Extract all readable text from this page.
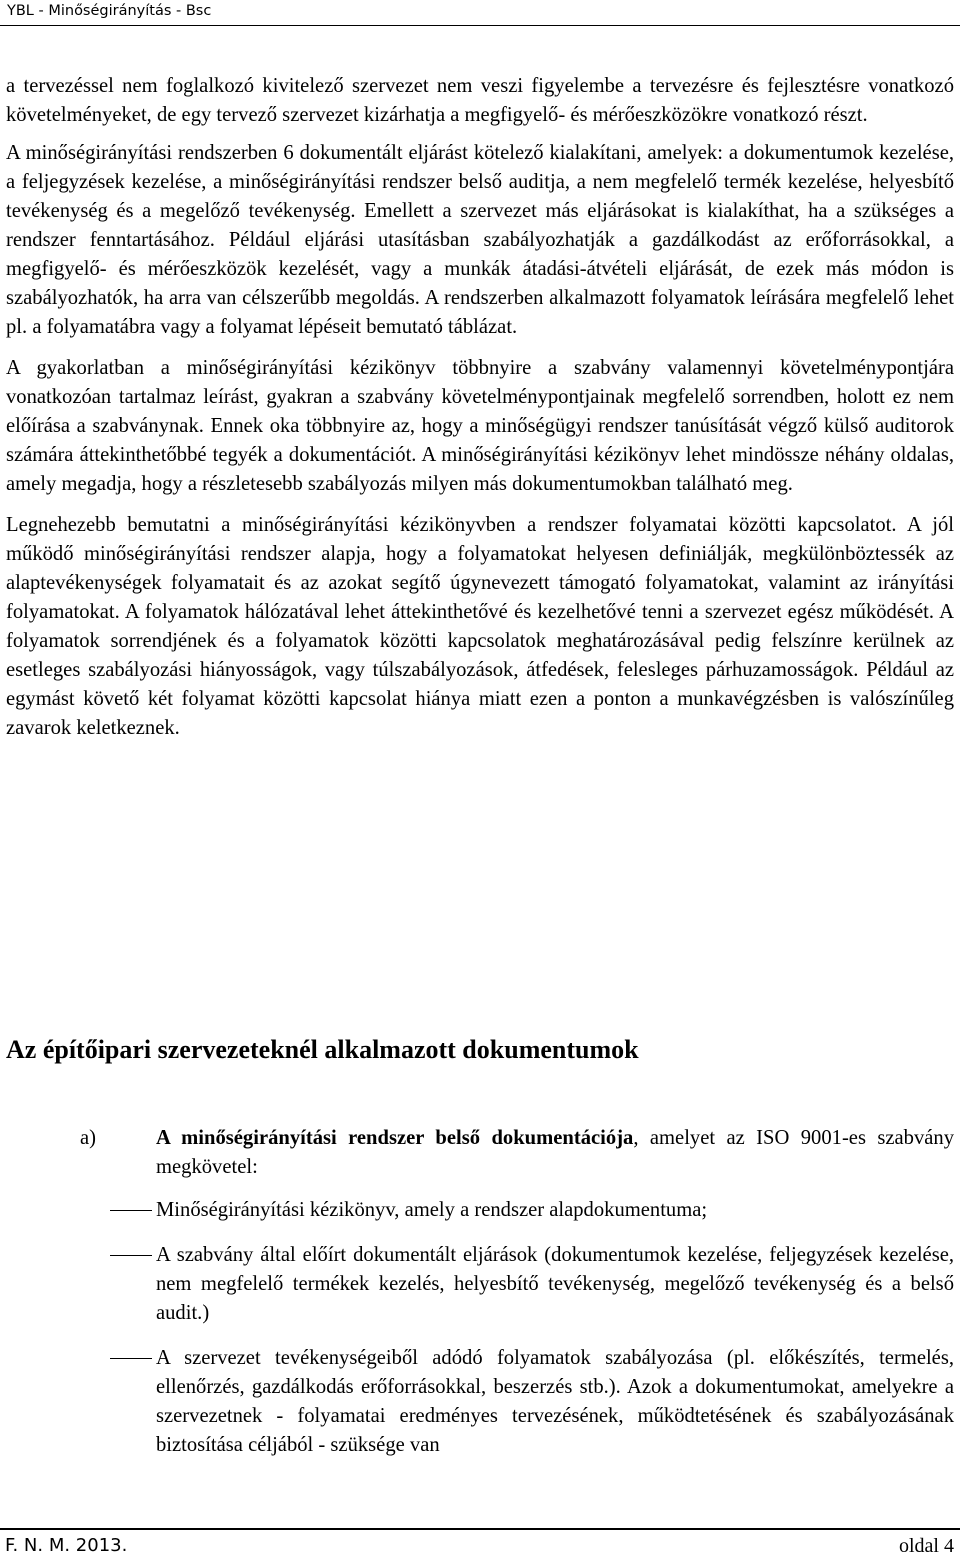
YBL - Minőségirányítás - Bsc

a tervezéssel nem foglalkozó kivitelező szervezet nem veszi figyelembe a tervezésre és fejlesztésre vonatkozó követelményeket, de egy tervező szervezet kizárhatja a megfigyelő- és mérőeszközökre vonatkozó részt.

A minőségirányítási rendszerben 6 dokumentált eljárást kötelező kialakítani, amelyek: a dokumentumok kezelése, a feljegyzések kezelése, a minőségirányítási rendszer belső auditja, a nem megfelelő termék kezelése, helyesbítő tevékenység és a megelőző tevékenység. Emellett a szervezet más eljárásokat is kialakíthat, ha a szükséges a rendszer fenntartásához. Például eljárási utasításban szabályozhatják a gazdálkodást az erőforrásokkal, a megfigyelő- és mérőeszközök kezelését, vagy a munkák átadási-átvételi eljárását, de ezek más módon is szabályozhatók, ha arra van célszerűbb megoldás. A rendszerben alkalmazott folyamatok leírására megfelelő lehet pl. a folyamatábra vagy a folyamat lépéseit bemutató táblázat.

A gyakorlatban a minőségirányítási kézikönyv többnyire a szabvány valamennyi követelménypontjára vonatkozóan tartalmaz leírást, gyakran a szabvány követelménypontjainak megfelelő sorrendben, holott ez nem előírása a szabványnak. Ennek oka többnyire az, hogy a minőségügyi rendszer tanúsítását végző külső auditorok számára áttekinthetőbbé tegyék a dokumentációt. A minőségirányítási kézikönyv lehet mindössze néhány oldalas, amely megadja, hogy a részletesebb szabályozás milyen más dokumentumokban található meg.

Legnehezebb bemutatni a minőségirányítási kézikönyvben a rendszer folyamatai közötti kapcsolatot. A jól működő minőségirányítási rendszer alapja, hogy a folyamatokat helyesen definiálják, megkülönböztessék az alaptevékenységek folyamatait és az azokat segítő úgynevezett támogató folyamatokat, valamint az irányítási folyamatokat. A folyamatok hálózatával lehet áttekinthetővé és kezelhetővé tenni a szervezet egész működését. A folyamatok sorrendjének és a folyamatok közötti kapcsolatok meghatározásával pedig felszínre kerülnek az esetleges szabályozási hiányosságok, vagy túlszabályozások, átfedések, felesleges párhuzamosságok. Például az egymást követő két folyamat közötti kapcsolat hiánya miatt ezen a ponton a munkavégzésben is valószínűleg zavarok keletkeznek.

Az építőipari szervezeteknél alkalmazott dokumentumok
a)	A minőségirányítási rendszer belső dokumentációja, amelyet az ISO 9001-es szabvány megkövetel:
Minőségirányítási kézikönyv, amely a rendszer alapdokumentuma;
A szabvány által előírt dokumentált eljárások (dokumentumok kezelése, feljegyzések kezelése, nem megfelelő termékek kezelés, helyesbítő tevékenység, megelőző tevékenység és a belső audit.)
A szervezet tevékenységeiből adódó folyamatok szabályozása (pl. előkészítés, termelés, ellenőrzés, gazdálkodás erőforrásokkal, beszerzés stb.). Azok a dokumentumokat, amelyekre a szervezetnek - folyamatai eredményes tervezésének, működtetésének és szabályozásának biztosítása céljából - szüksége van
F. N. M. 2013.	oldal 4
